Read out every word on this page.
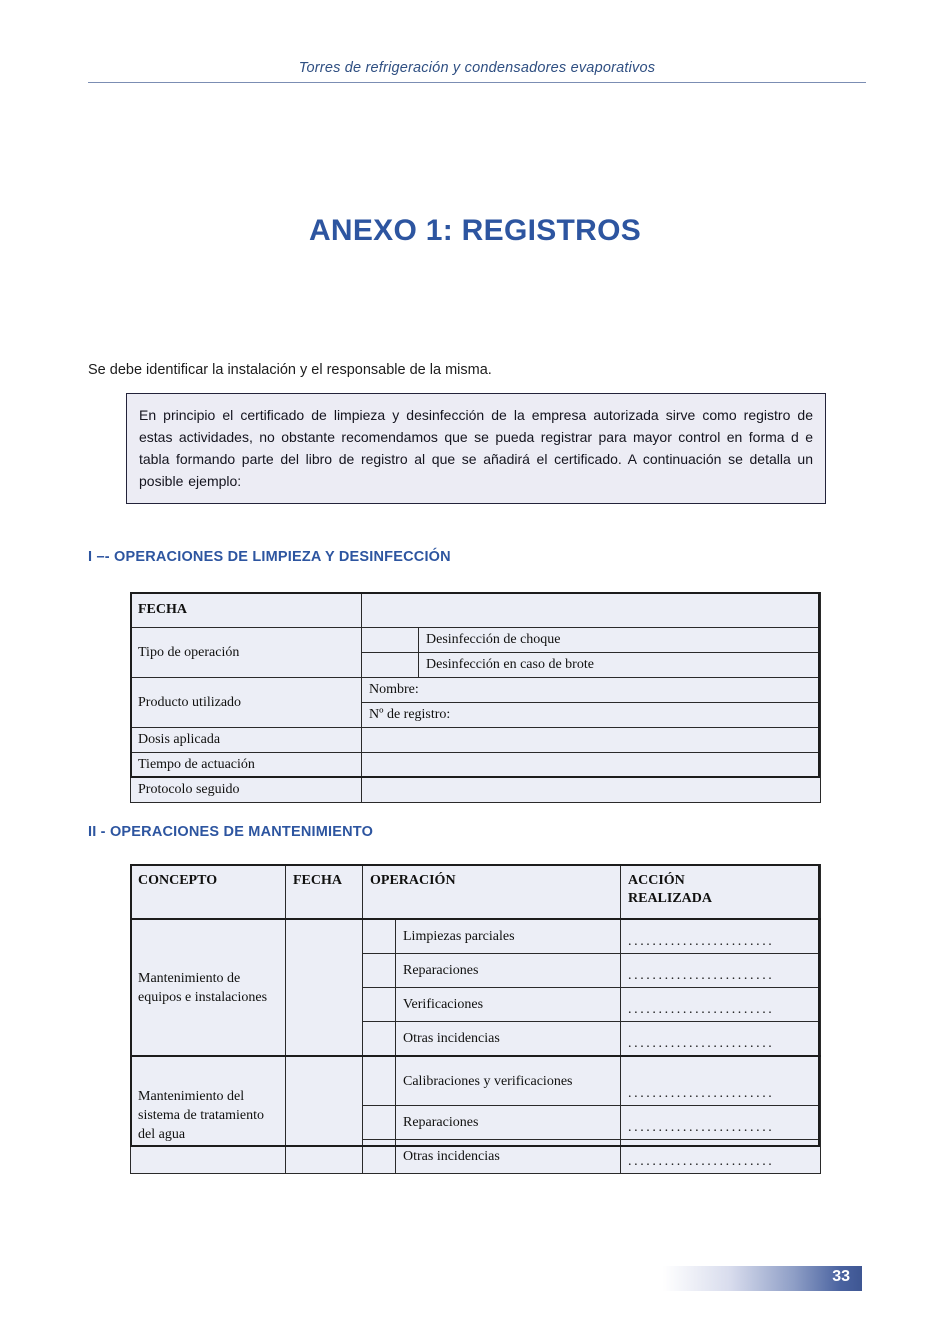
Torres de refrigeración y condensadores evaporativos
ANEXO 1: REGISTROS
Se debe identificar la instalación y el responsable de la misma.

En principio el certificado de limpieza y desinfección de la empresa autorizada sirve como registro de estas actividades, no obstante recomendamos que se pueda registrar para mayor control en forma d e tabla formando parte del libro de registro al que se añadirá el certificado. A continuación se detalla un posible ejemplo:

I –- OPERACIONES DE LIMPIEZA Y DESINFECCIÓN
FECHA		
Tipo de operación		Desinfección de choque
		Desinfección en caso de brote
Producto utilizado	Nombre:	
	Nº de registro:	
Dosis aplicada		
Tiempo de actuación		
Protocolo seguido		
II - OPERACIONES DE MANTENIMIENTO
CONCEPTO	FECHA	OPERACIÓN		ACCIÓN
REALIZADA
Mantenimiento de equipos e instalaciones			Limpiezas parciales	........................
			Reparaciones	........................
			Verificaciones	........................
			Otras incidencias	........................
Mantenimiento del sistema de tratamiento del agua			Calibraciones y verificaciones	........................
			Reparaciones	........................
			Otras incidencias	........................
33
